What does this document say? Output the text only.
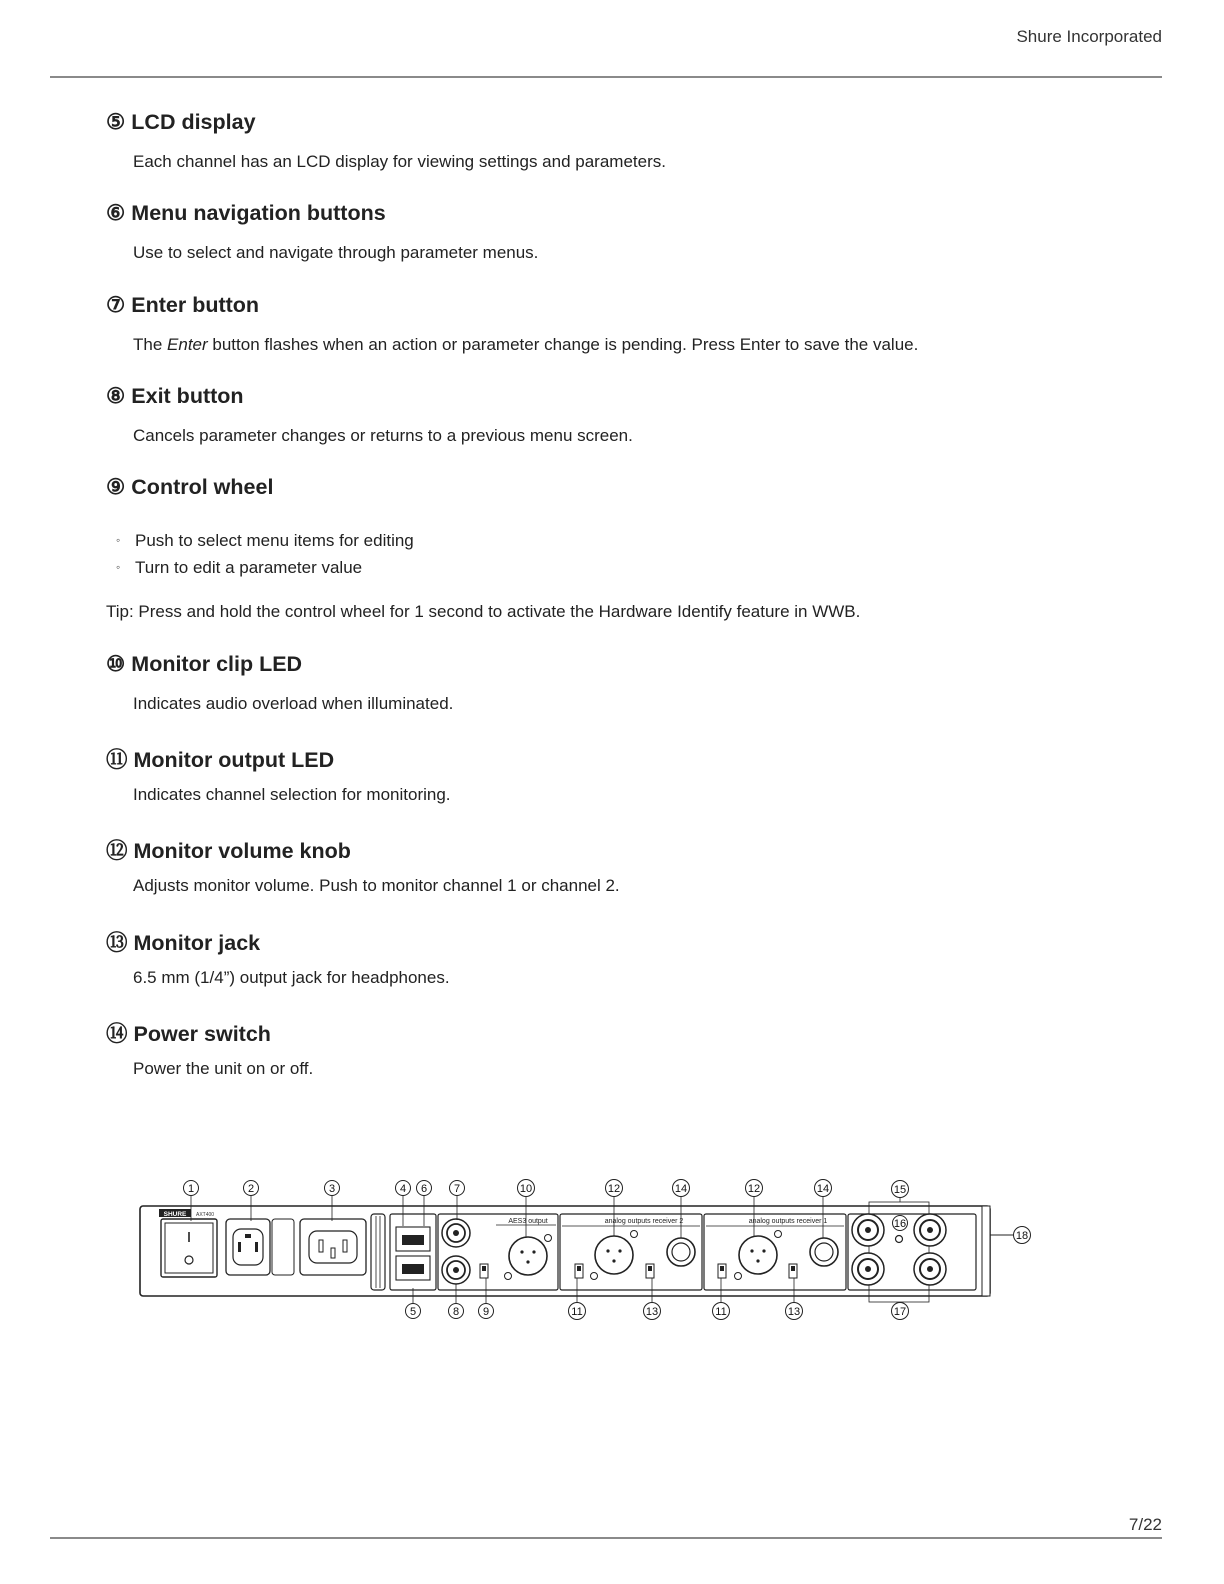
Shure Incorporated
⑤ LCD display

Each channel has an LCD display for viewing settings and parameters.

⑥ Menu navigation buttons

Use to select and navigate through parameter menus.

⑦ Enter button

The Enter button flashes when an action or parameter change is pending. Press Enter to save the value.

⑧ Exit button

Cancels parameter changes or returns to a previous menu screen.

⑨ Control wheel

◦ Push to select menu items for editing

◦ Turn to edit a parameter value

Tip: Press and hold the control wheel for 1 second to activate the Hardware Identify feature in WWB.

⑩ Monitor clip LED

Indicates audio overload when illuminated.

⑪ Monitor output LED

Indicates channel selection for monitoring.

⑫ Monitor volume knob

Adjusts monitor volume. Push to monitor channel 1 or channel 2.

⑬ Monitor jack

6.5 mm (1/4”) output jack for headphones.

⑭ Power switch

Power the unit on or off.

SHURE AXT400
AES3 output	analog outputs receiver 2	analog outputs receiver 1
1	2	3	4 6 7	10	12	14	12	14	15
16
18
5	8 9	11	13	11	13	17
7/22
